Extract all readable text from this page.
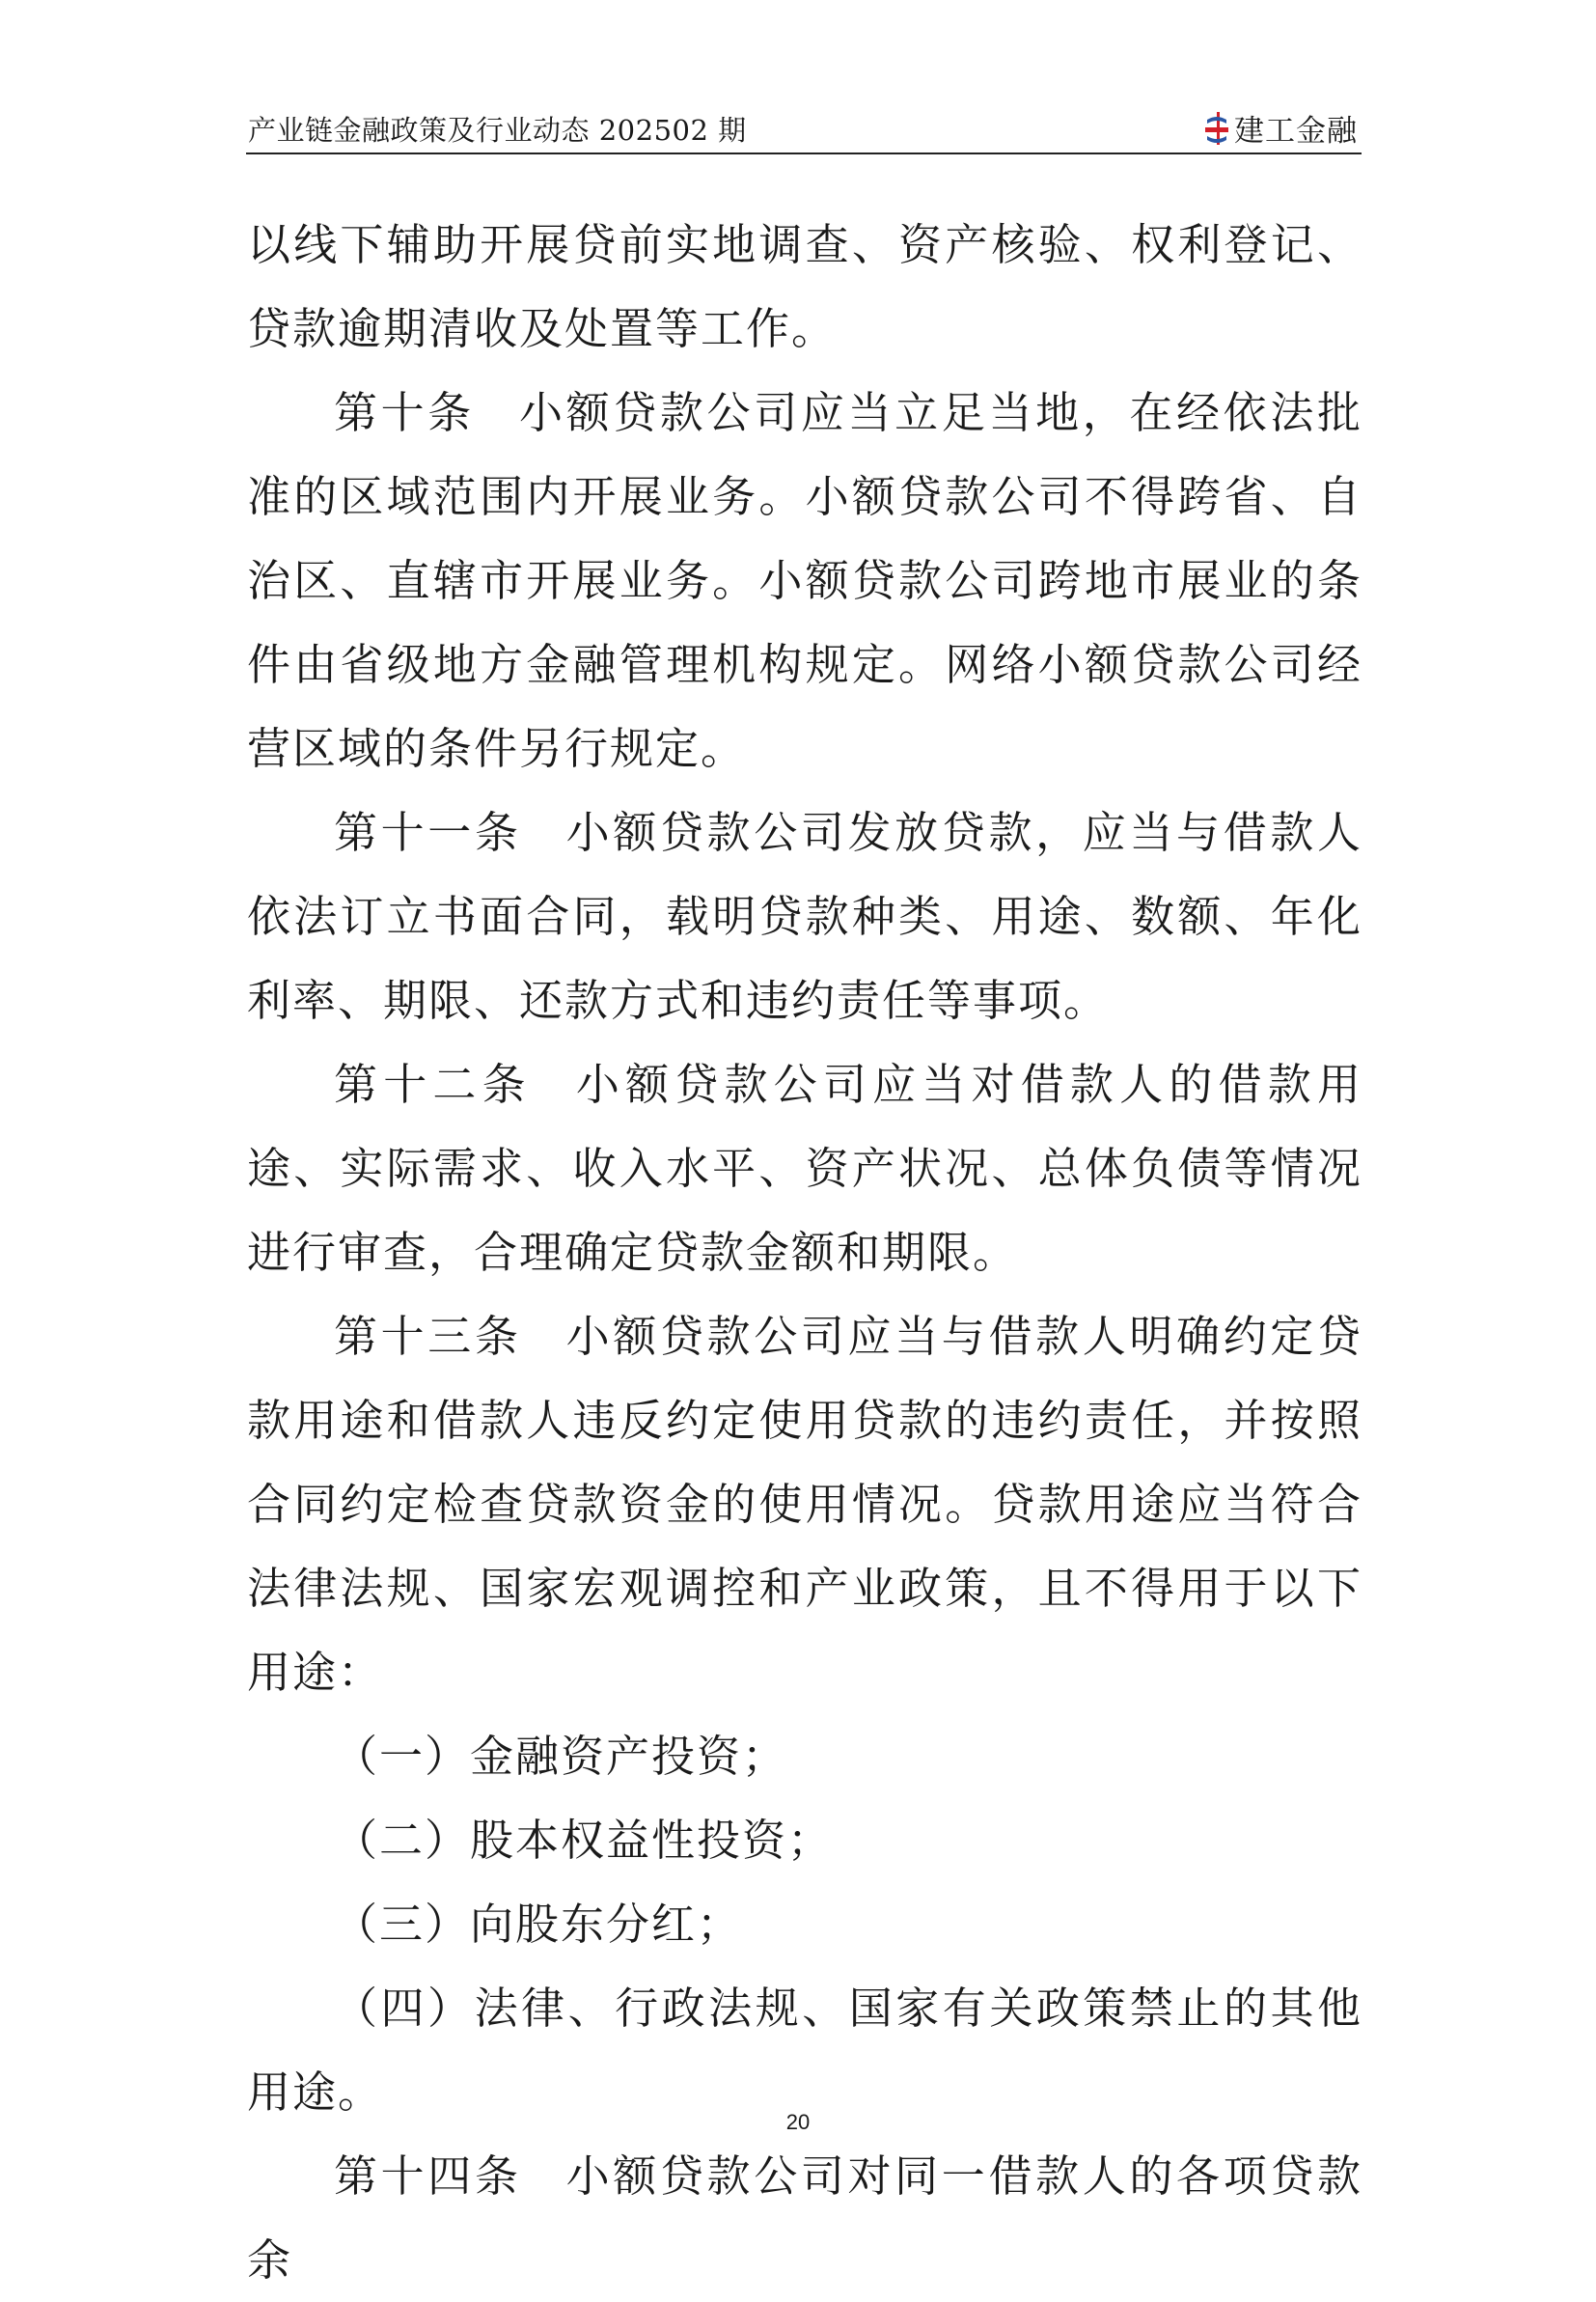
产业链金融政策及行业动态 202502 期	建工金融

以线下辅助开展贷前实地调查、资产核验、权利登记、贷款逾期清收及处置等工作。

第十条 小额贷款公司应当立足当地，在经依法批准的区域范围内开展业务。小额贷款公司不得跨省、自治区、直辖市开展业务。小额贷款公司跨地市展业的条件由省级地方金融管理机构规定。网络小额贷款公司经营区域的条件另行规定。

第十一条 小额贷款公司发放贷款，应当与借款人依法订立书面合同，载明贷款种类、用途、数额、年化利率、期限、还款方式和违约责任等事项。

第十二条 小额贷款公司应当对借款人的借款用途、实际需求、收入水平、资产状况、总体负债等情况进行审查，合理确定贷款金额和期限。

第十三条 小额贷款公司应当与借款人明确约定贷款用途和借款人违反约定使用贷款的违约责任，并按照合同约定检查贷款资金的使用情况。贷款用途应当符合法律法规、国家宏观调控和产业政策，且不得用于以下用途：

（一）金融资产投资；

（二）股本权益性投资；

（三）向股东分红；

（四）法律、行政法规、国家有关政策禁止的其他用途。

第十四条 小额贷款公司对同一借款人的各项贷款余

20
